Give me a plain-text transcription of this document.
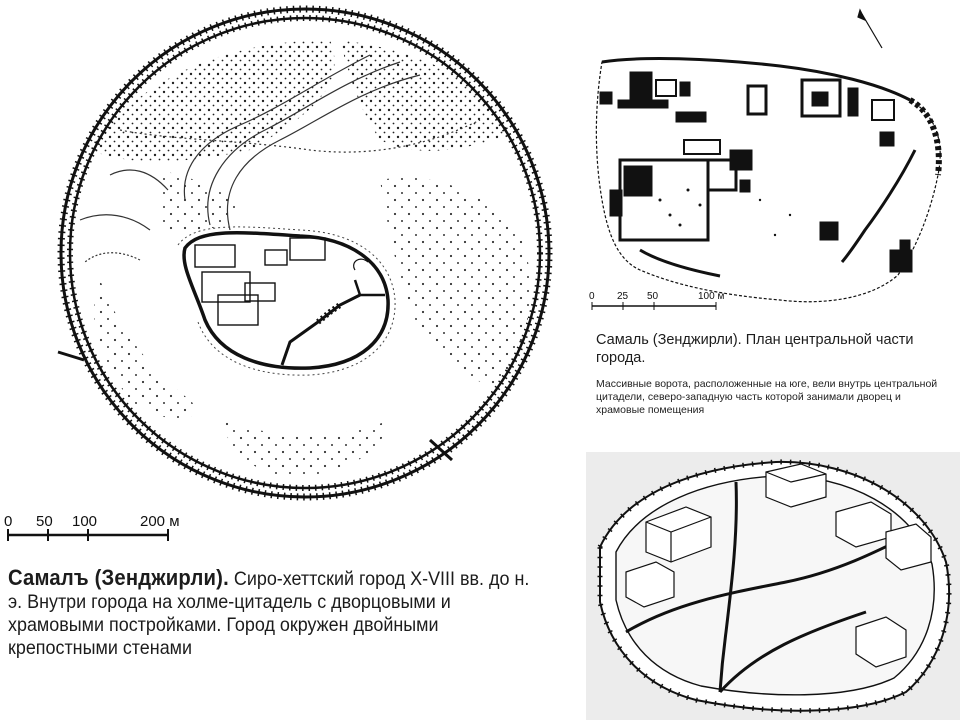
0 50 100	200 м
Самалъ (Зенджирли). Сиро-хеттский город X-VIII вв. до н. э. Внутри города на холме-цитадель с дворцовыми и храмовыми постройками. Город окружен двойными крепостными стенами
0 25 50	100 м
Самаль (Зенджирли). План центральной части города.
Массивные ворота, расположенные на юге, вели внутрь центральной цитадели, северо-западную часть которой занимали дворец и храмовые помещения
